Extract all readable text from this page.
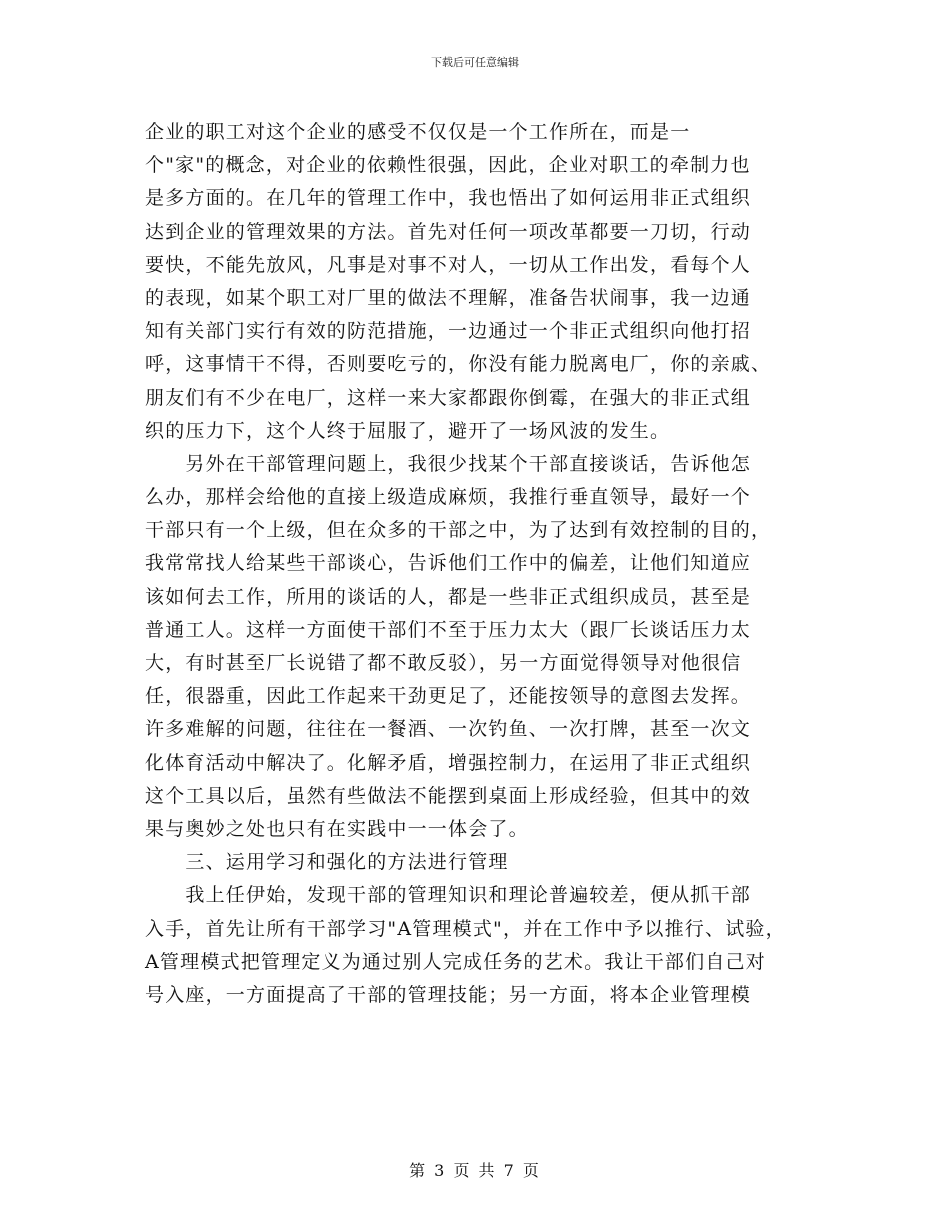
下载后可任意编辑
企业的职工对这个企业的感受不仅仅是一个工作所在，而是一
个"家"的概念，对企业的依赖性很强，因此，企业对职工的牵制力也
是多方面的。在几年的管理工作中，我也悟出了如何运用非正式组织
达到企业的管理效果的方法。首先对任何一项改革都要一刀切，行动
要快，不能先放风，凡事是对事不对人，一切从工作出发，看每个人
的表现，如某个职工对厂里的做法不理解，准备告状闹事，我一边通
知有关部门实行有效的防范措施，一边通过一个非正式组织向他打招
呼，这事情干不得，否则要吃亏的，你没有能力脱离电厂，你的亲戚、
朋友们有不少在电厂，这样一来大家都跟你倒霉，在强大的非正式组
织的压力下，这个人终于屈服了，避开了一场风波的发生。
　　另外在干部管理问题上，我很少找某个干部直接谈话，告诉他怎
么办，那样会给他的直接上级造成麻烦，我推行垂直领导，最好一个
干部只有一个上级，但在众多的干部之中，为了达到有效控制的目的，
我常常找人给某些干部谈心，告诉他们工作中的偏差，让他们知道应
该如何去工作，所用的谈话的人，都是一些非正式组织成员，甚至是
普通工人。这样一方面使干部们不至于压力太大（跟厂长谈话压力太
大，有时甚至厂长说错了都不敢反驳），另一方面觉得领导对他很信
任，很器重，因此工作起来干劲更足了，还能按领导的意图去发挥。
许多难解的问题，往往在一餐酒、一次钓鱼、一次打牌，甚至一次文
化体育活动中解决了。化解矛盾，增强控制力，在运用了非正式组织
这个工具以后，虽然有些做法不能摆到桌面上形成经验，但其中的效
果与奥妙之处也只有在实践中一一体会了。
　　三、运用学习和强化的方法进行管理
　　我上任伊始，发现干部的管理知识和理论普遍较差，便从抓干部
入手，首先让所有干部学习"A管理模式"，并在工作中予以推行、试验，
A管理模式把管理定义为通过别人完成任务的艺术。我让干部们自己对
号入座，一方面提高了干部的管理技能；另一方面，将本企业管理模
第 3 页 共 7 页
